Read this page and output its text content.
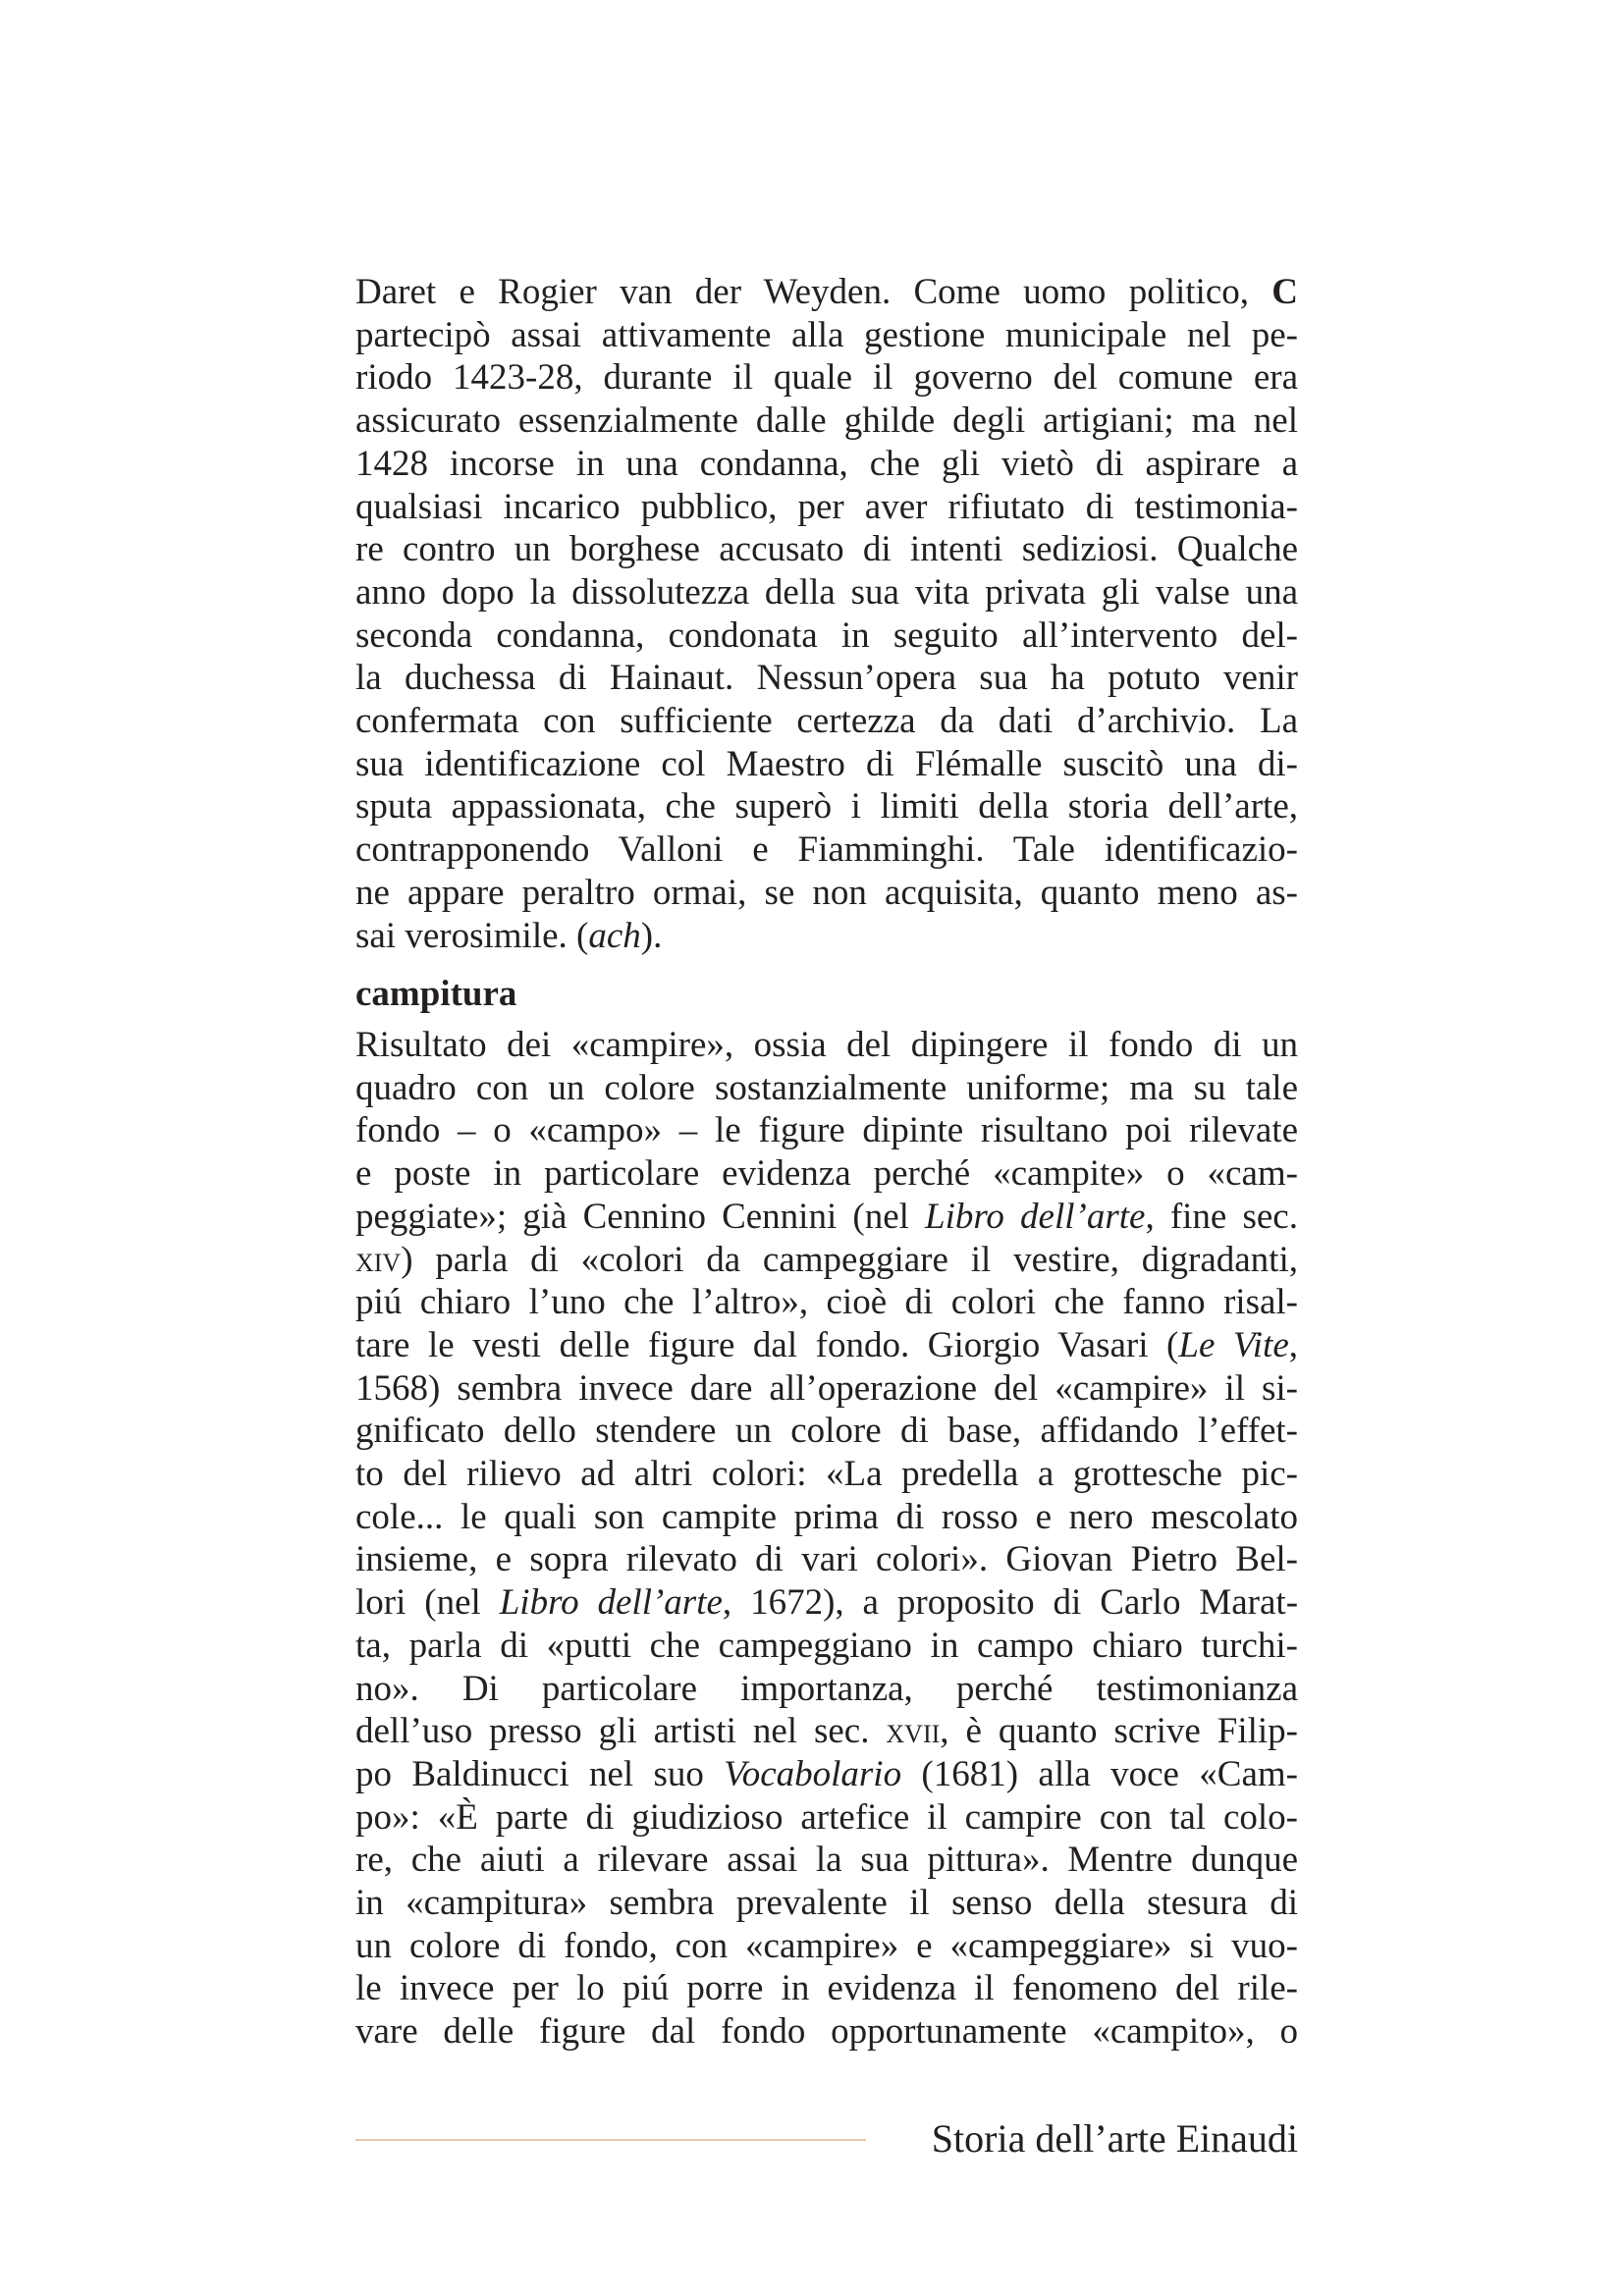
Daret e Rogier van der Weyden. Come uomo politico, C
partecipò assai attivamente alla gestione municipale nel pe-
riodo 1423-28, durante il quale il governo del comune era
assicurato essenzialmente dalle ghilde degli artigiani; ma nel
1428 incorse in una condanna, che gli vietò di aspirare a
qualsiasi incarico pubblico, per aver rifiutato di testimonia-
re contro un borghese accusato di intenti sediziosi. Qualche
anno dopo la dissolutezza della sua vita privata gli valse una
seconda condanna, condonata in seguito all’intervento del-
la duchessa di Hainaut. Nessun’opera sua ha potuto venir
confermata con sufficiente certezza da dati d’archivio. La
sua identificazione col Maestro di Flémalle suscitò una di-
sputa appassionata, che superò i limiti della storia dell’arte,
contrapponendo Valloni e Fiamminghi. Tale identificazio-
ne appare peraltro ormai, se non acquisita, quanto meno as-
sai verosimile. (ach).
campitura
Risultato dei «campire», ossia del dipingere il fondo di un
quadro con un colore sostanzialmente uniforme; ma su tale
fondo – o «campo» – le figure dipinte risultano poi rilevate
e poste in particolare evidenza perché «campite» o «cam-
peggiate»; già Cennino Cennini (nel Libro dell’arte, fine sec.
xiv) parla di «colori da campeggiare il vestire, digradanti,
piú chiaro l’uno che l’altro», cioè di colori che fanno risal-
tare le vesti delle figure dal fondo. Giorgio Vasari (Le Vite,
1568) sembra invece dare all’operazione del «campire» il si-
gnificato dello stendere un colore di base, affidando l’effet-
to del rilievo ad altri colori: «La predella a grottesche pic-
cole... le quali son campite prima di rosso e nero mescolato
insieme, e sopra rilevato di vari colori». Giovan Pietro Bel-
lori (nel Libro dell’arte, 1672), a proposito di Carlo Marat-
ta, parla di «putti che campeggiano in campo chiaro turchi-
no». Di particolare importanza, perché testimonianza
dell’uso presso gli artisti nel sec. xvii, è quanto scrive Filip-
po Baldinucci nel suo Vocabolario (1681) alla voce «Cam-
po»: «È parte di giudizioso artefice il campire con tal colo-
re, che aiuti a rilevare assai la sua pittura». Mentre dunque
in «campitura» sembra prevalente il senso della stesura di
un colore di fondo, con «campire» e «campeggiare» si vuo-
le invece per lo piú porre in evidenza il fenomeno del rile-
vare delle figure dal fondo opportunamente «campito», o
Storia dell’arte Einaudi
